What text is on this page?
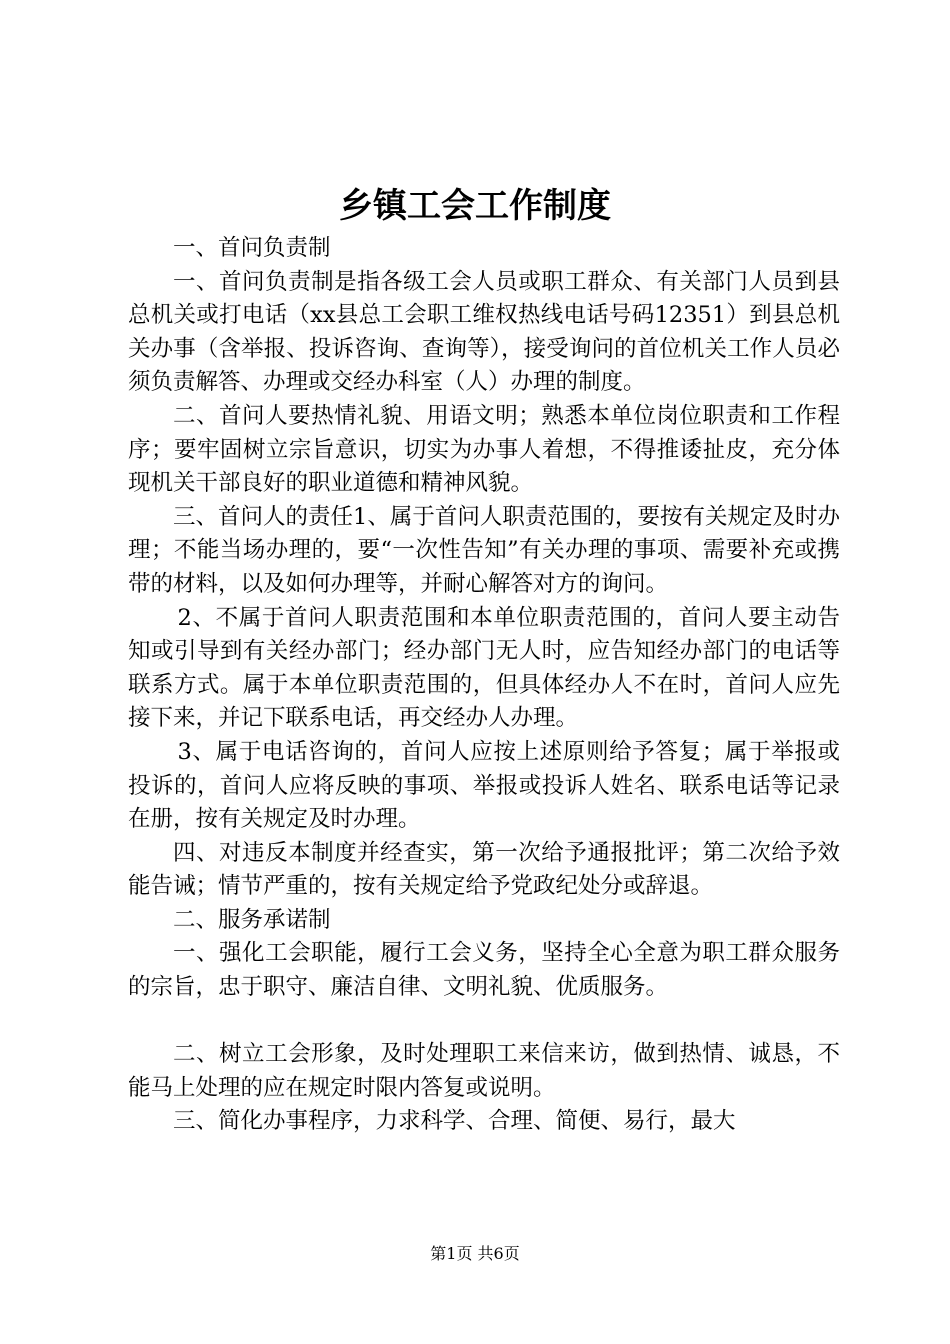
乡镇工会工作制度

一、首问负责制

一、首问负责制是指各级工会人员或职工群众、有关部门人员到县总机关或打电话（xx县总工会职工维权热线电话号码12351）到县总机关办事（含举报、投诉咨询、查询等），接受询问的首位机关工作人员必须负责解答、办理或交经办科室（人）办理的制度。

二、首问人要热情礼貌、用语文明；熟悉本单位岗位职责和工作程序；要牢固树立宗旨意识，切实为办事人着想，不得推诿扯皮，充分体现机关干部良好的职业道德和精神风貌。

三、首问人的责任1、属于首问人职责范围的，要按有关规定及时办理；不能当场办理的，要“一次性告知”有关办理的事项、需要补充或携带的材料，以及如何办理等，并耐心解答对方的询问。

2、不属于首问人职责范围和本单位职责范围的，首问人要主动告知或引导到有关经办部门；经办部门无人时，应告知经办部门的电话等联系方式。属于本单位职责范围的，但具体经办人不在时，首问人应先接下来，并记下联系电话，再交经办人办理。

3、属于电话咨询的，首问人应按上述原则给予答复；属于举报或投诉的，首问人应将反映的事项、举报或投诉人姓名、联系电话等记录在册，按有关规定及时办理。

四、对违反本制度并经查实，第一次给予通报批评；第二次给予效能告诫；情节严重的，按有关规定给予党政纪处分或辞退。

二、服务承诺制

一、强化工会职能，履行工会义务，坚持全心全意为职工群众服务的宗旨，忠于职守、廉洁自律、文明礼貌、优质服务。

二、树立工会形象，及时处理职工来信来访，做到热情、诚恳，不能马上处理的应在规定时限内答复或说明。

三、简化办事程序，力求科学、合理、简便、易行，最大

第1页 共6页
